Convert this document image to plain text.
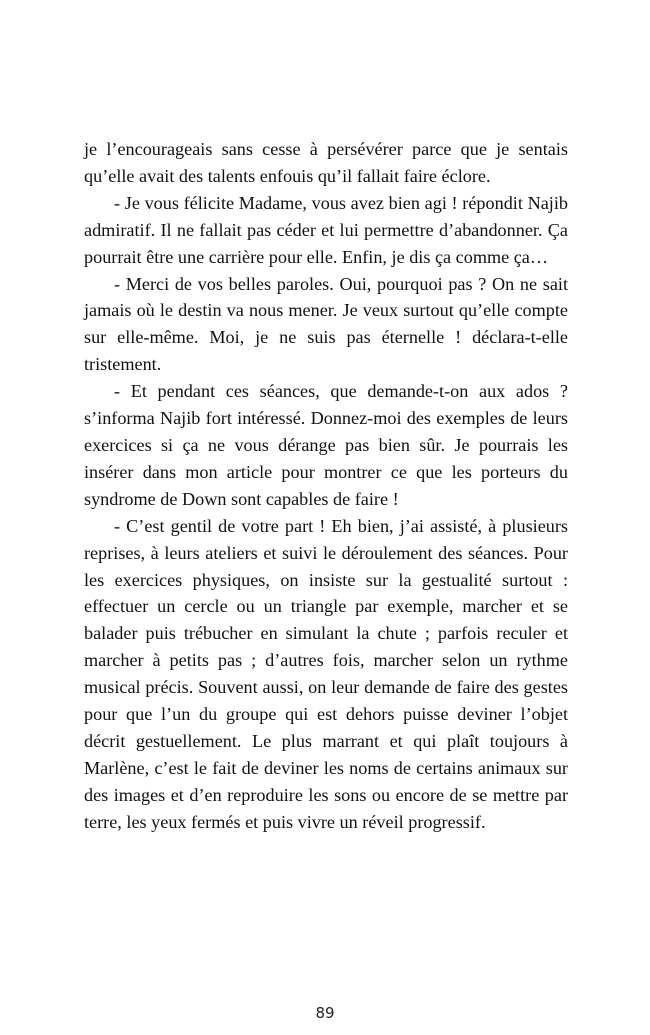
je l’encourageais sans cesse à persévérer parce que je sentais qu’elle avait des talents enfouis qu’il fallait faire éclore.

- Je vous félicite Madame, vous avez bien agi ! répondit Najib admiratif. Il ne fallait pas céder et lui permettre d’abandonner. Ça pourrait être une carrière pour elle. Enfin, je dis ça comme ça…

- Merci de vos belles paroles. Oui, pourquoi pas ? On ne sait jamais où le destin va nous mener. Je veux surtout qu’elle compte sur elle-même. Moi, je ne suis pas éternelle ! déclara-t-elle tristement.

- Et pendant ces séances, que demande-t-on aux ados ? s’informa Najib fort intéressé. Donnez-moi des exemples de leurs exercices si ça ne vous dérange pas bien sûr. Je pourrais les insérer dans mon article pour montrer ce que les porteurs du syndrome de Down sont capables de faire !

- C’est gentil de votre part ! Eh bien, j’ai assisté, à plusieurs reprises, à leurs ateliers et suivi le déroulement des séances. Pour les exercices physiques, on insiste sur la gestualité surtout : effectuer un cercle ou un triangle par exemple, marcher et se balader puis trébucher en simulant la chute ; parfois reculer et marcher à petits pas ; d’autres fois, marcher selon un rythme musical précis. Souvent aussi, on leur demande de faire des gestes pour que l’un du groupe qui est dehors puisse deviner l’objet décrit gestuellement. Le plus marrant et qui plaît toujours à Marlène, c’est le fait de deviner les noms de certains animaux sur des images et d’en reproduire les sons ou encore de se mettre par terre, les yeux fermés et puis vivre un réveil progressif.

89
